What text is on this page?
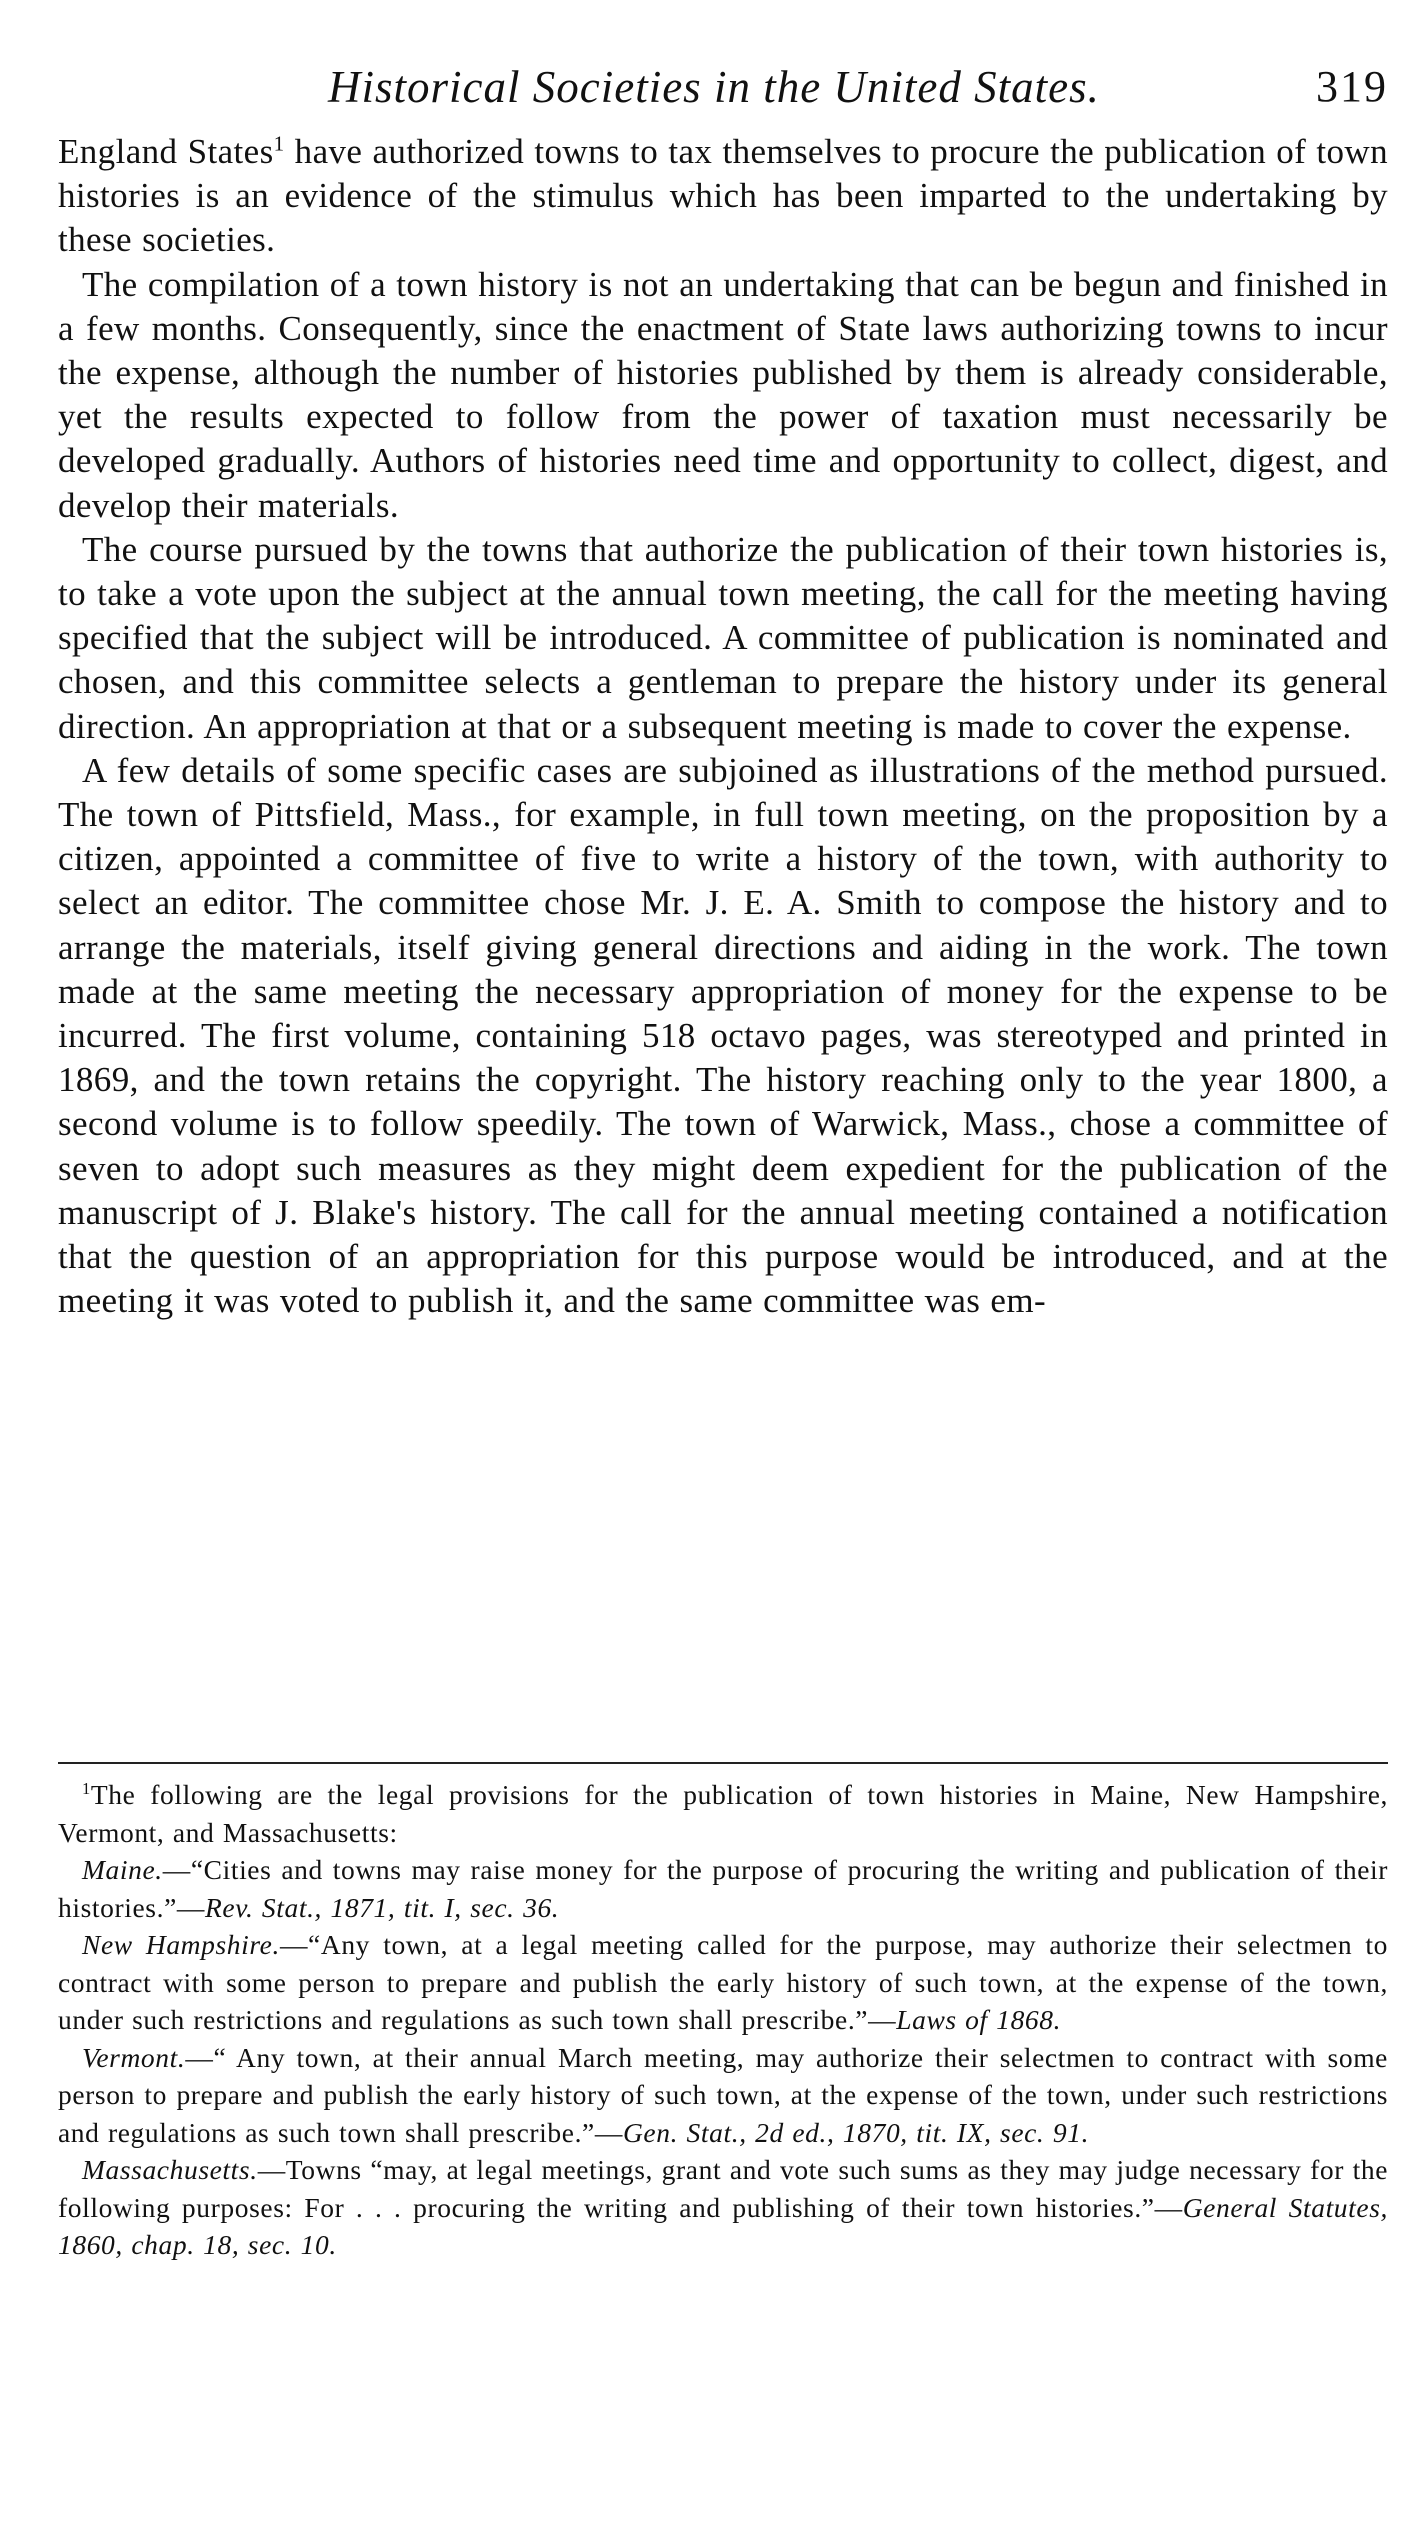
Historical Societies in the United States.	319

England States$^1$ have authorized towns to tax themselves to procure the publication of town histories is an evidence of the stimulus which has been imparted to the undertaking by these societies.

The compilation of a town history is not an undertaking that can be begun and finished in a few months. Consequently, since the enactment of State laws authorizing towns to incur the expense, although the number of histories published by them is already considerable, yet the results expected to follow from the power of taxation must necessarily be developed gradually. Authors of histories need time and opportunity to collect, digest, and develop their materials.

The course pursued by the towns that authorize the publication of their town histories is, to take a vote upon the subject at the annual town meeting, the call for the meeting having specified that the subject will be introduced. A committee of publication is nominated and chosen, and this committee selects a gentleman to prepare the history under its general direction. An appropriation at that or a subsequent meeting is made to cover the expense.

A few details of some specific cases are subjoined as illustrations of the method pursued. The town of Pittsfield, Mass., for example, in full town meeting, on the proposition by a citizen, appointed a committee of five to write a history of the town, with authority to select an editor. The committee chose Mr. J. E. A. Smith to compose the history and to arrange the materials, itself giving general directions and aiding in the work. The town made at the same meeting the necessary appropriation of money for the expense to be incurred. The first volume, containing 518 octavo pages, was stereotyped and printed in 1869, and the town retains the copyright. The history reaching only to the year 1800, a second volume is to follow speedily. The town of Warwick, Mass., chose a committee of seven to adopt such measures as they might deem expedient for the publication of the manuscript of J. Blake's history. The call for the annual meeting contained a notification that the question of an appropriation for this purpose would be introduced, and at the meeting it was voted to publish it, and the same committee was em-

$^1$The following are the legal provisions for the publication of town histories in Maine, New Hampshire, Vermont, and Massachusetts:

Maine.—“Cities and towns may raise money for the purpose of procuring the writing and publication of their histories.”—Rev. Stat., 1871, tit. I, sec. 36.

New Hampshire.—“Any town, at a legal meeting called for the purpose, may authorize their selectmen to contract with some person to prepare and publish the early history of such town, at the expense of the town, under such restrictions and regulations as such town shall prescribe.”—Laws of 1868.

Vermont.—“ Any town, at their annual March meeting, may authorize their selectmen to contract with some person to prepare and publish the early history of such town, at the expense of the town, under such restrictions and regulations as such town shall prescribe.”—Gen. Stat., 2d ed., 1870, tit. IX, sec. 91.

Massachusetts.—Towns “may, at legal meetings, grant and vote such sums as they may judge necessary for the following purposes: For . . . procuring the writing and publishing of their town histories.”—General Statutes, 1860, chap. 18, sec. 10.
